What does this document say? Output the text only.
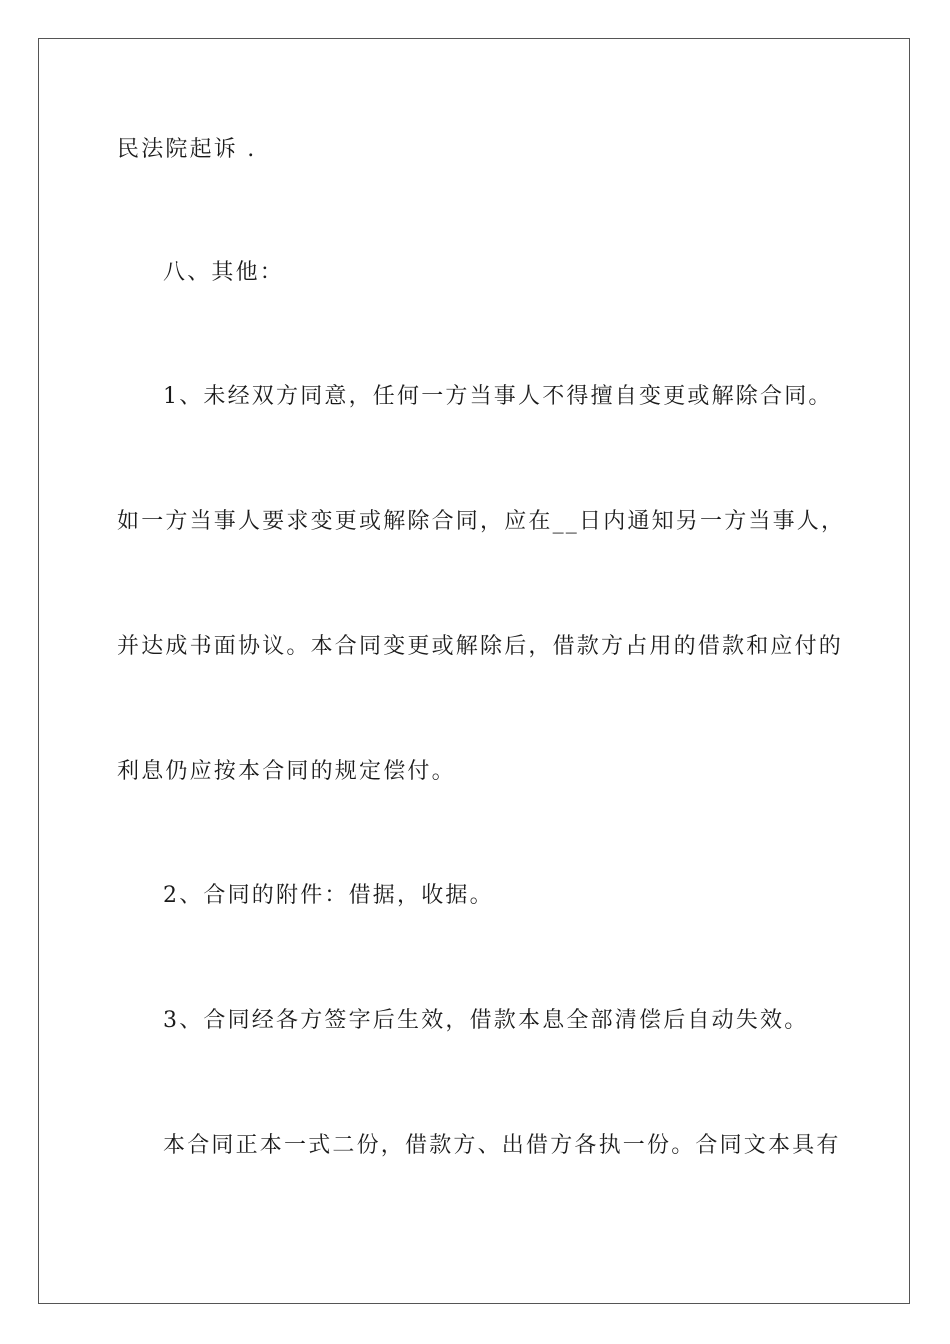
民法院起诉 .
八、其他：
1、未经双方同意，任何一方当事人不得擅自变更或解除合同。
如一方当事人要求变更或解除合同，应在__日内通知另一方当事人，
并达成书面协议。本合同变更或解除后，借款方占用的借款和应付的
利息仍应按本合同的规定偿付。
2、合同的附件：借据，收据。
3、合同经各方签字后生效，借款本息全部清偿后自动失效。
本合同正本一式二份，借款方、出借方各执一份。合同文本具有
